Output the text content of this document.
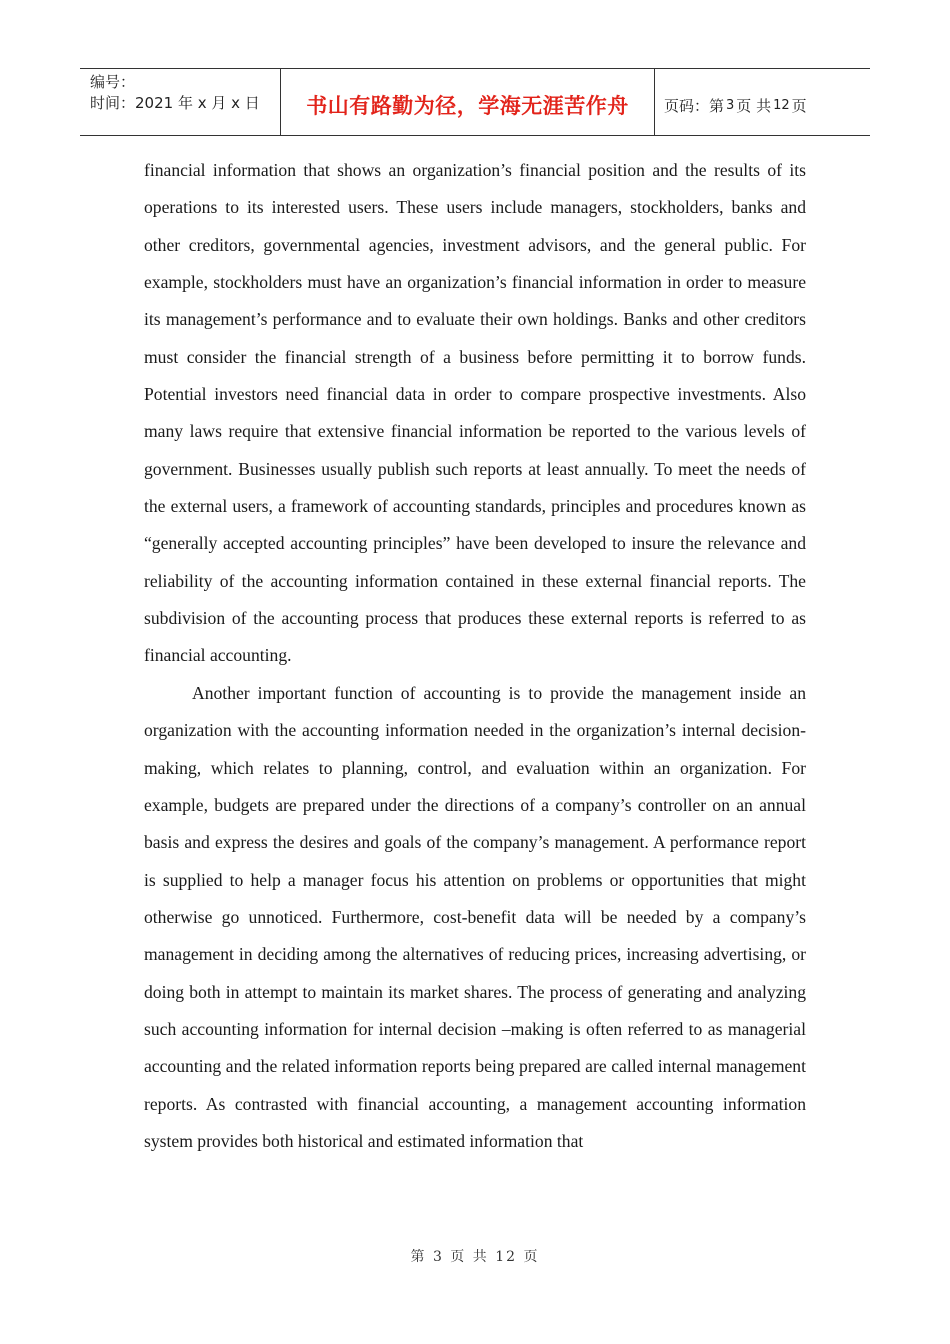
编号：
时间：2021 年 x 月 x 日	书山有路勤为径，学海无涯苦作舟 页码：第 3 页 共 12 页

financial information that shows an organization’s financial position and the results of its operations to its interested users. These users include managers, stockholders, banks and other creditors, governmental agencies, investment advisors, and the general public. For example, stockholders must have an organization’s financial information in order to measure its management’s performance and to evaluate their own holdings. Banks and other creditors must consider the financial strength of a business before permitting it to borrow funds. Potential investors need financial data in order to compare prospective investments. Also many laws require that extensive financial information be reported to the various levels of government. Businesses usually publish such reports at least annually. To meet the needs of the external users, a framework of accounting standards, principles and procedures known as “generally accepted accounting principles” have been developed to insure the relevance and reliability of the accounting information contained in these external financial reports. The subdivision of the accounting process that produces these external reports is referred to as financial accounting.

Another important function of accounting is to provide the management inside an organization with the accounting information needed in the organization’s internal decision-making, which relates to planning, control, and evaluation within an organization. For example, budgets are prepared under the directions of a company’s controller on an annual basis and express the desires and goals of the company’s management. A performance report is supplied to help a manager focus his attention on problems or opportunities that might otherwise go unnoticed. Furthermore, cost-benefit data will be needed by a company’s management in deciding among the alternatives of reducing prices, increasing advertising, or doing both in attempt to maintain its market shares. The process of generating and analyzing such accounting information for internal decision –making is often referred to as managerial accounting and the related information reports being prepared are called internal management reports. As contrasted with financial accounting, a management accounting information system provides both historical and estimated information that

第 3 页 共 12 页
